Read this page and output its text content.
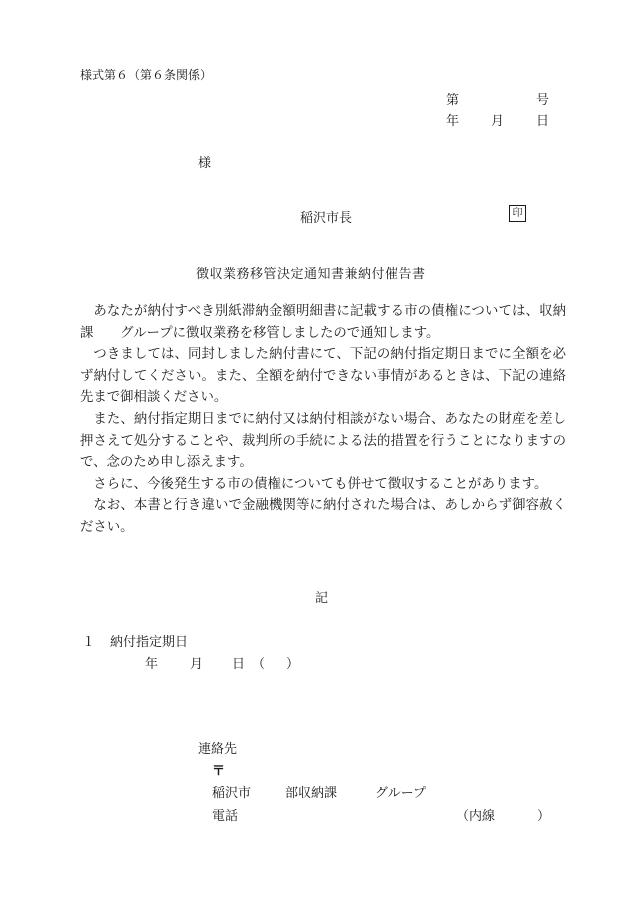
様式第６（第６条関係）
第	号
年 月 日
様
稲沢市長	印
徴収業務移管決定通知書兼納付催告書

あなたが納付すべき別紙滞納金額明細書に記載する市の債権については、収納課　　グループに徴収業務を移管しましたので通知します。

つきましては、同封しました納付書にて、下記の納付指定期日までに全額を必ず納付してください。また、全額を納付できない事情があるときは、下記の連絡先まで御相談ください。

また、納付指定期日までに納付又は納付相談がない場合、あなたの財産を差し押さえて処分することや、裁判所の手続による法的措置を行うことになりますので、念のため申し添えます。

さらに、今後発生する市の債権についても併せて徴収することがあります。

なお、本書と行き違いで金融機関等に納付された場合は、あしからず御容赦ください。

記
１ 納付指定期日
年 月 日 （　）
連絡先
〒
稲沢市	部収納課	グループ
電話	（内線	）
